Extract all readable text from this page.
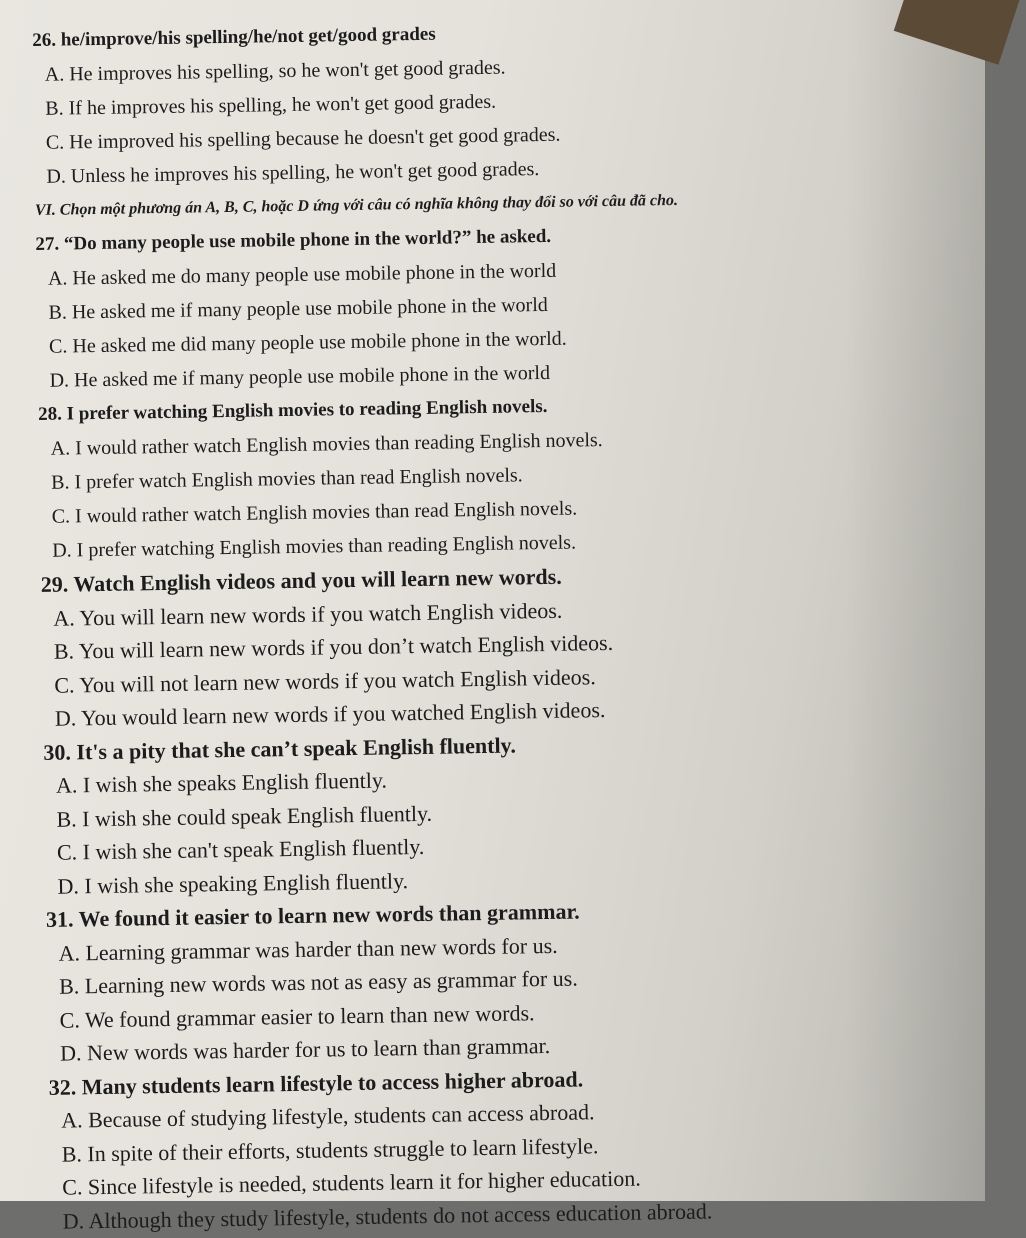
26. he/improve/his spelling/he/not get/good grades
A. He improves his spelling, so he won't get good grades.
B. If he improves his spelling, he won't get good grades.
C. He improved his spelling because he doesn't get good grades.
D. Unless he improves his spelling, he won't get good grades.
VI. Chọn một phương án A, B, C, hoặc D ứng với câu có nghĩa không thay đổi so với câu đã cho.
27. “Do many people use mobile phone in the world?” he asked.
A. He asked me do many people use mobile phone in the world
B. He asked me if many people use mobile phone in the world
C. He asked me did many people use mobile phone in the world.
D. He asked me if many people use mobile phone in the world
28. I prefer watching English movies to reading English novels.
A. I would rather watch English movies than reading English novels.
B. I prefer watch English movies than read English novels.
C. I would rather watch English movies than read English novels.
D. I prefer watching English movies than reading English novels.
29. Watch English videos and you will learn new words.
A. You will learn new words if you watch English videos.
B. You will learn new words if you don’t watch English videos.
C. You will not learn new words if you watch English videos.
D. You would learn new words if you watched English videos.
30. It's a pity that she can’t speak English fluently.
A. I wish she speaks English fluently.
B. I wish she could speak English fluently.
C. I wish she can't speak English fluently.
D. I wish she speaking English fluently.
31. We found it easier to learn new words than grammar.
A. Learning grammar was harder than new words for us.
B. Learning new words was not as easy as grammar for us.
C. We found grammar easier to learn than new words.
D. New words was harder for us to learn than grammar.
32. Many students learn lifestyle to access higher abroad.
A. Because of studying lifestyle, students can access abroad.
B. In spite of their efforts, students struggle to learn lifestyle.
C. Since lifestyle is needed, students learn it for higher education.
D. Although they study lifestyle, students do not access education abroad.
